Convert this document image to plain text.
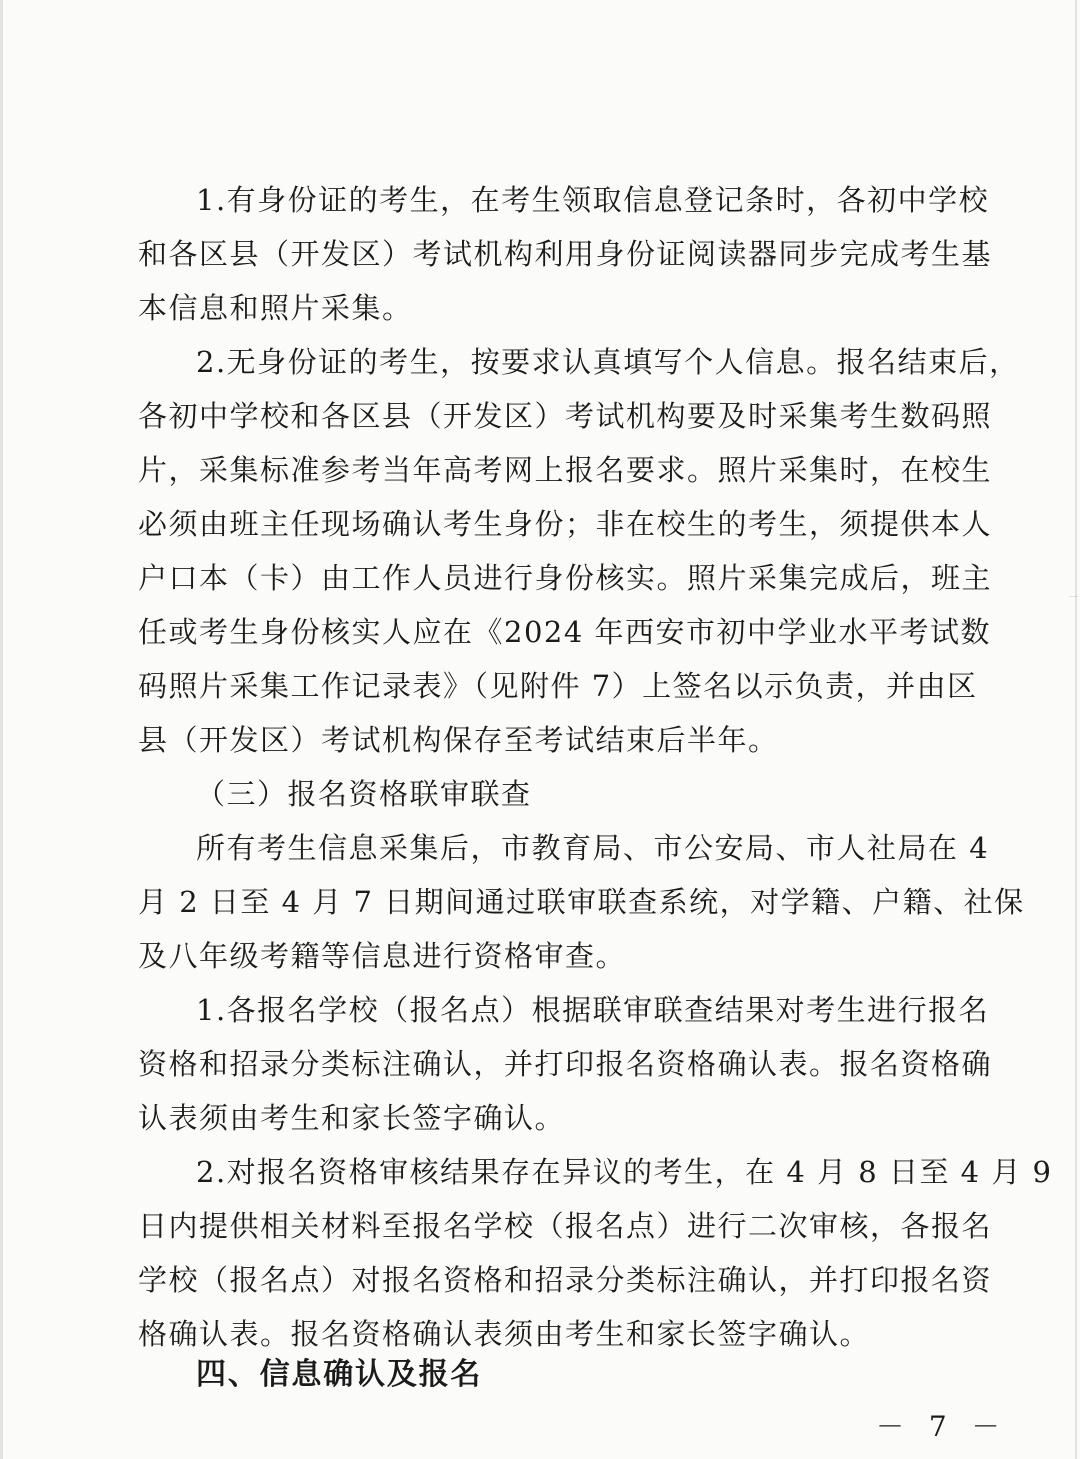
1.有身份证的考生，在考生领取信息登记条时，各初中学校
和各区县（开发区）考试机构利用身份证阅读器同步完成考生基
本信息和照片采集。
2.无身份证的考生，按要求认真填写个人信息。报名结束后，
各初中学校和各区县（开发区）考试机构要及时采集考生数码照
片，采集标准参考当年高考网上报名要求。照片采集时，在校生
必须由班主任现场确认考生身份；非在校生的考生，须提供本人
户口本（卡）由工作人员进行身份核实。照片采集完成后，班主
任或考生身份核实人应在《2024 年西安市初中学业水平考试数
码照片采集工作记录表》（见附件 7）上签名以示负责，并由区
县（开发区）考试机构保存至考试结束后半年。
（三）报名资格联审联查
所有考生信息采集后，市教育局、市公安局、市人社局在 4
月 2 日至 4 月 7 日期间通过联审联查系统，对学籍、户籍、社保
及八年级考籍等信息进行资格审查。
1.各报名学校（报名点）根据联审联查结果对考生进行报名
资格和招录分类标注确认，并打印报名资格确认表。报名资格确
认表须由考生和家长签字确认。
2.对报名资格审核结果存在异议的考生，在 4 月 8 日至 4 月 9
日内提供相关材料至报名学校（报名点）进行二次审核，各报名
学校（报名点）对报名资格和招录分类标注确认，并打印报名资
格确认表。报名资格确认表须由考生和家长签字确认。
四、信息确认及报名
－ 7 －
